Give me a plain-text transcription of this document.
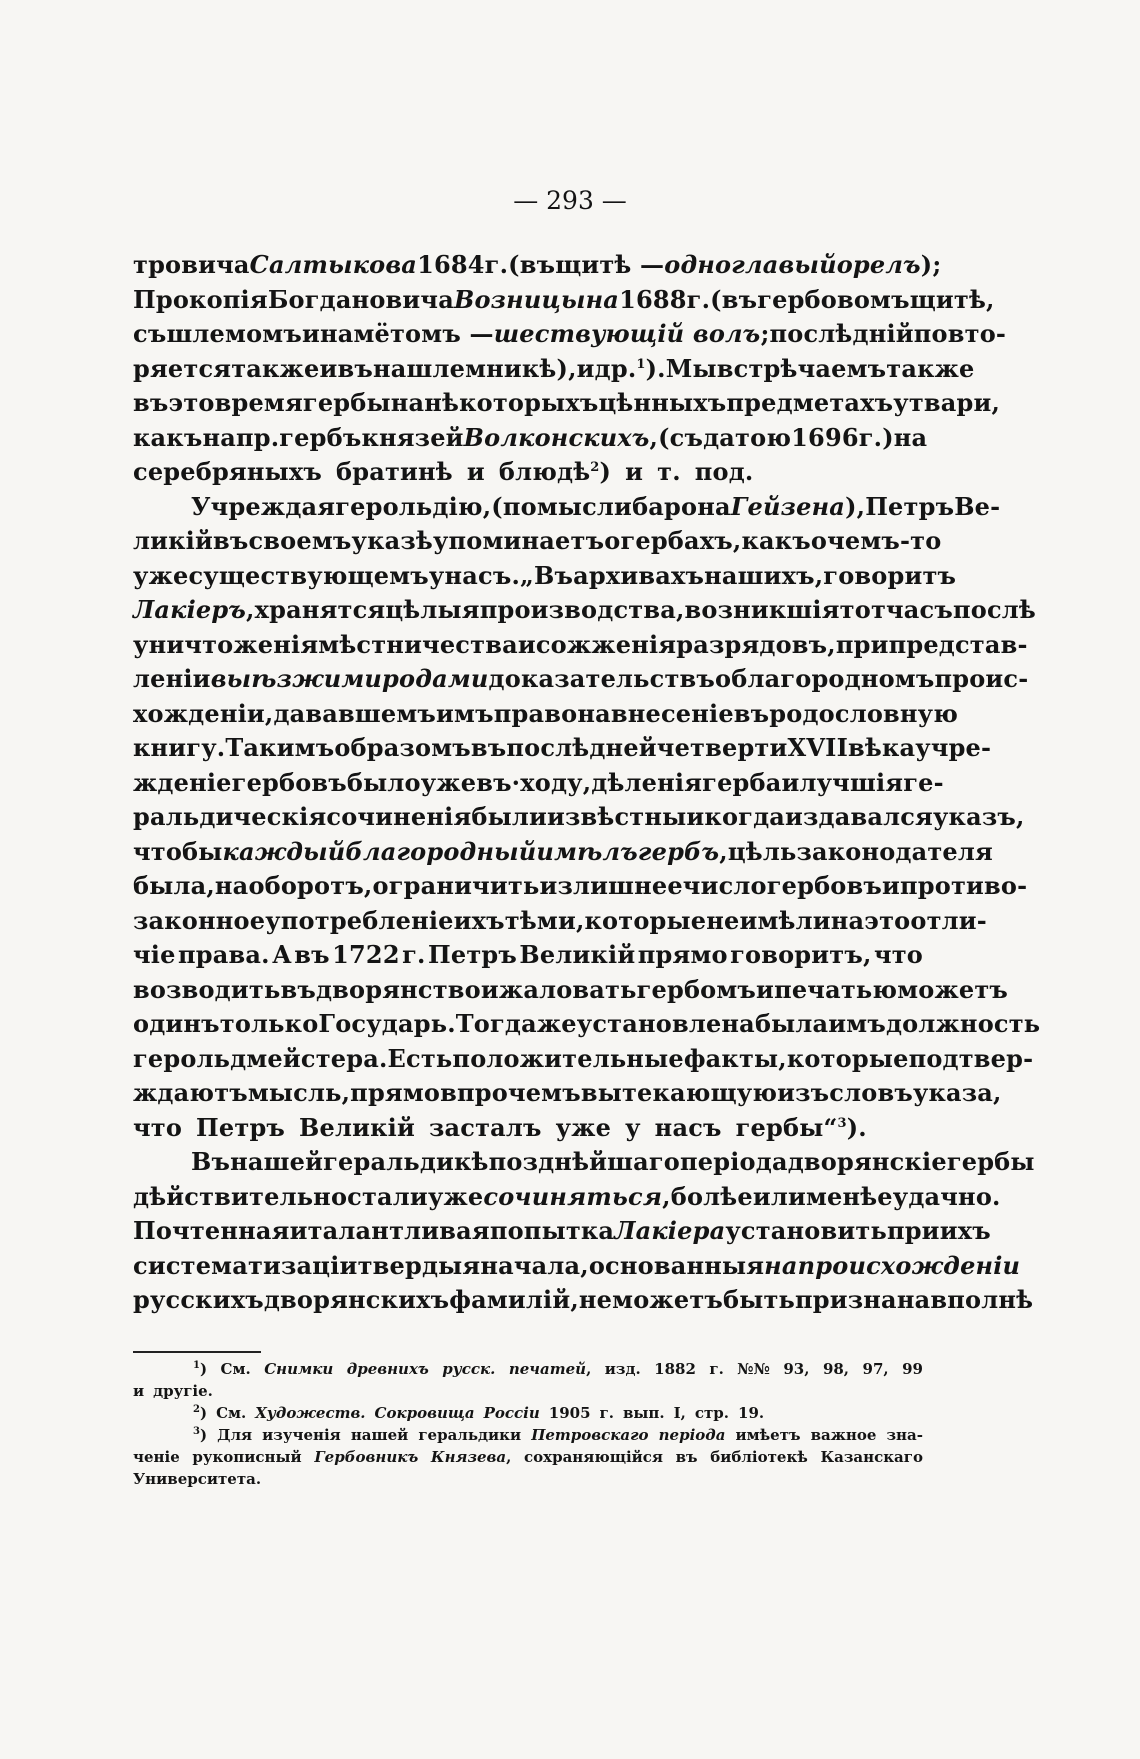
— 293 —
тровича Салтыкова 1684 г. (въ щитѣ — одноглавый орелъ);
Прокопія Богдановича Возницына 1688 г. (въ гербовомъ щитѣ,
съ шлемомъ и намётомъ — шествующій волъ; послѣдній повто-
ряется также и въ нашлемникѣ), и др.$^1$). Мы встрѣчаемъ также
въ это время гербы на нѣкоторыхъ цѣнныхъ предметахъ утвари,
какъ напр. гербъ князей Волконскихъ, (съ датою 1696 г.) на
серебряныхъ братинѣ и блюдѣ$^2$) и т. под.
Учреждая герольдію, (по мысли барона Гейзена), Петръ Ве-
ликій въ своемъ указѣ упоминаетъ о гербахъ, какъ о чемъ-то
уже существующемъ у насъ. „Въ архивахъ нашихъ, говоритъ
Лакіеръ, хранятся цѣлыя производства, возникшія тотчасъ послѣ
уничтоженія мѣстничества и сожженія разрядовъ, при представ-
леніи выѣзжими родами доказательствъ о благородномъ проис-
хожденіи, дававшемъ имъ право на внесеніе въ родословную
книгу. Такимъ образомъ въ послѣдней четверти XVII вѣка учре-
жденіе гербовъ было уже въ·ходу, дѣленія герба и лучшія ге-
ральдическія сочиненія были извѣстны и когда издавался указъ,
чтобы каждый благородный имѣлъ гербъ, цѣль законодателя
была, на оборотъ, ограничить излишнее число гербовъ и противо-
законное употребленіе ихъ тѣми, которые не имѣли на это отли-
чіе права. А въ 1722 г. Петръ Великій прямо говоритъ, что
возводить въ дворянство и жаловать гербомъ и печатью можетъ
одинъ только Государь. Тогда же установлена была имъ должность
герольдмейстера. Есть положительные факты, которые подтвер-
ждаютъ мысль, прямо впрочемъ вытекающую изъ словъ указа,
что Петръ Великій засталъ уже у насъ гербы“$^3$).
Въ нашей геральдикѣ позднѣйшаго періода дворянскіе гербы
дѣйствительно стали уже сочиняться, болѣе или менѣе удачно.
Почтенная и талантливая попытка Лакіера установить при ихъ
систематизаціи твердыя начала, основанныя на происхожденіи
русскихъ дворянскихъ фамилій, не можетъ быть признана вполнѣ
$^1$) См. Снимки древнихъ русск. печатей, изд. 1882 г. №№ 93, 98, 97, 99
и другіе.
$^2$) См. Художеств. Сокровища Россіи 1905 г. вып. I, стр. 19.
$^3$) Для изученія нашей геральдики Петровскаго періода имѣетъ важное зна-
ченіе рукописный Гербовникъ Князева, сохраняющійся въ библіотекѣ Казанскаго
Университета.
